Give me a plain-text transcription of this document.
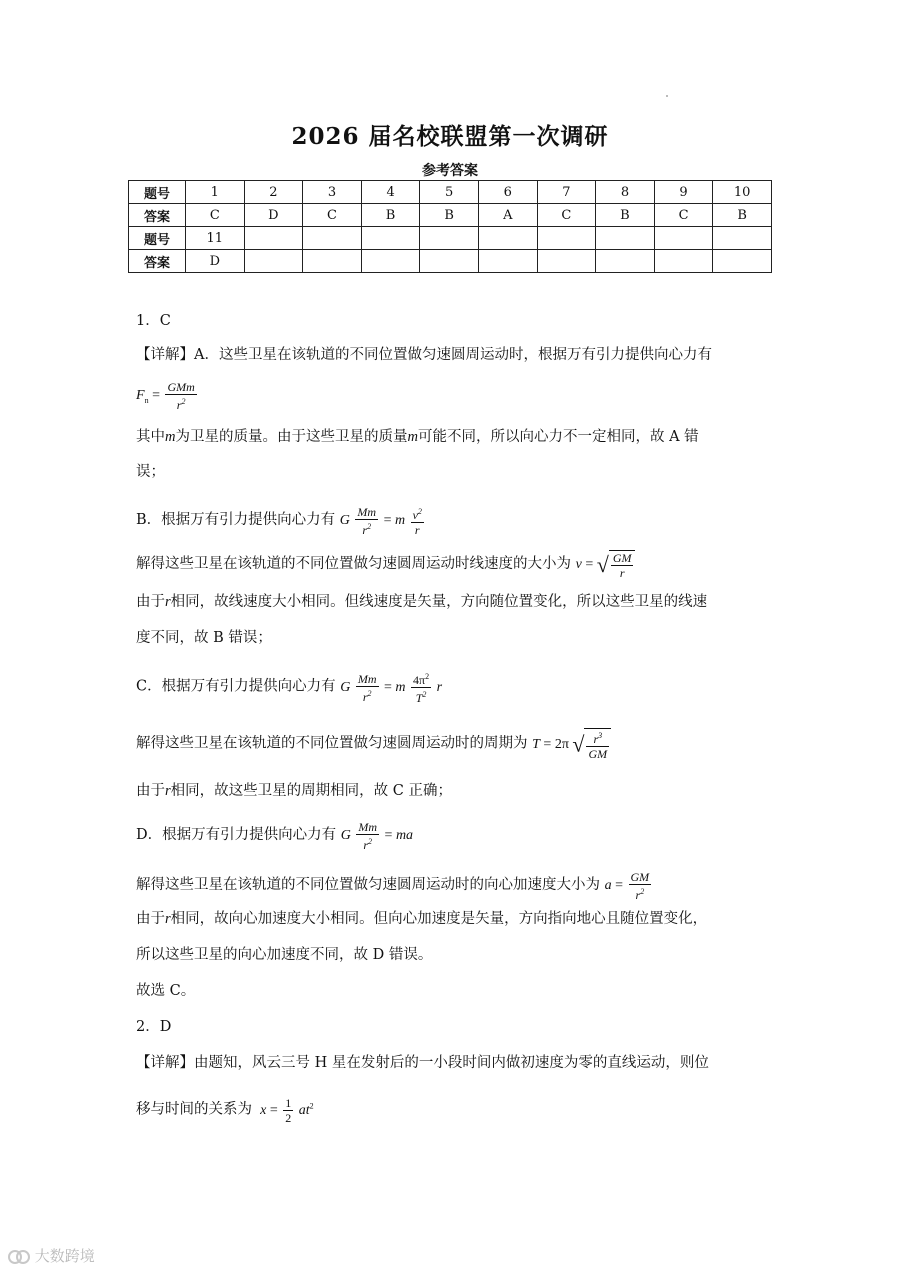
2026 届名校联盟第一次调研
参考答案
题号	1	2	3	4	5	6	7	8	9	10
答案	C	D	C	B	B	A	C	B	C	B
题号	11									
答案	D									
1．C
【详解】A．这些卫星在该轨道的不同位置做匀速圆周运动时，根据万有引力提供向心力有
$F_n = \frac{\text{GMm}}{r^2}$
其中m为卫星的质量。由于这些卫星的质量m可能不同，所以向心力不一定相同，故 A 错
误；
B．根据万有引力提供向心力有 G $\frac{Mm}{r^2} = m \frac{v^2}{r}$
解得这些卫星在该轨道的不同位置做匀速圆周运动时线速度的大小为 v = √ $\frac{GM}{r}$
由于r相同，故线速度大小相同。但线速度是矢量，方向随位置变化，所以这些卫星的线速
度不同，故 B 错误；
C．根据万有引力提供向心力有 G $\frac{Mm}{r^2} = m \frac{4\pi^2}{T^2}$ r
解得这些卫星在该轨道的不同位置做匀速圆周运动时的周期为 T = 2π √ $\frac{r^3}{GM}$
由于r相同，故这些卫星的周期相同，故 C 正确；
D．根据万有引力提供向心力有 G $\frac{Mm}{r^2}$ = ma
解得这些卫星在该轨道的不同位置做匀速圆周运动时的向心加速度大小为 $a = \frac{GM}{r^2}$
由于r相同，故向心加速度大小相同。但向心加速度是矢量，方向指向地心且随位置变化，
所以这些卫星的向心加速度不同，故 D 错误。
故选 C。
2．D
【详解】由题知，风云三号 H 星在发射后的一小段时间内做初速度为零的直线运动，则位
移与时间的关系为 $x = \frac{1}{2} at^2$
大数跨境
